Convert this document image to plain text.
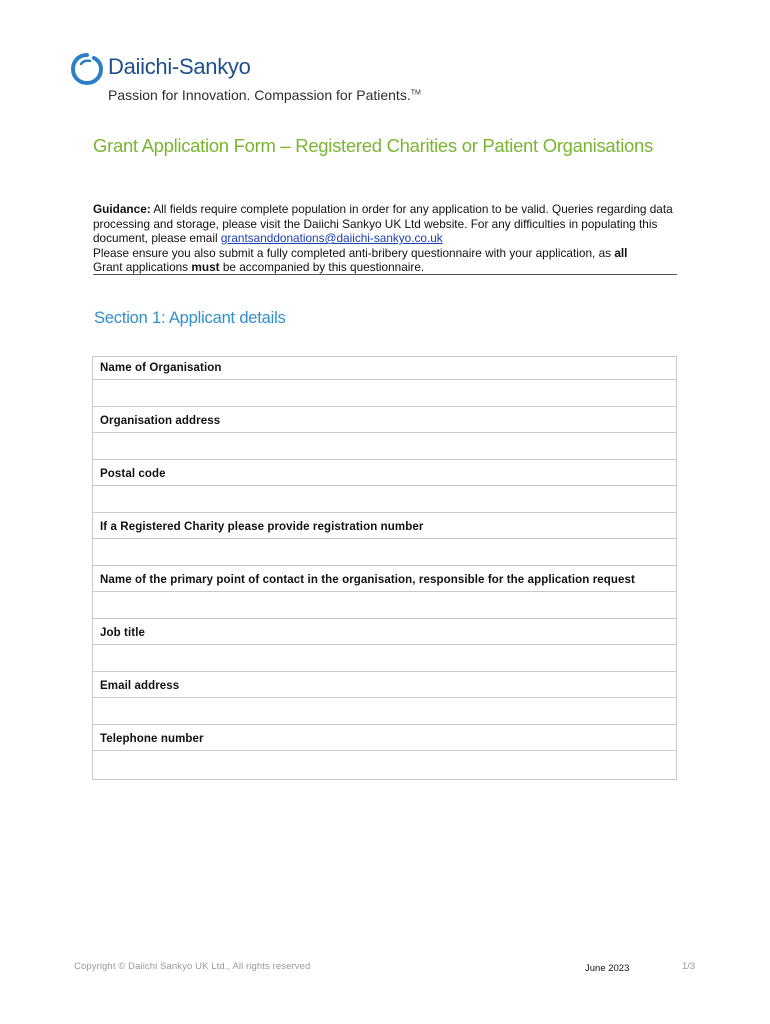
Daiichi-Sankyo
Passion for Innovation. Compassion for Patients.™
Grant Application Form – Registered Charities or Patient Organisations

Guidance: All fields require complete population in order for any application to be valid. Queries regarding data processing and storage, please visit the Daiichi Sankyo UK Ltd website. For any difficulties in populating this document, please email grantsanddonations@daiichi-sankyo.co.uk
Please ensure you also submit a fully completed anti-bribery questionnaire with your application, as all
Grant applications must be accompanied by this questionnaire.

Section 1: Applicant details
Name of Organisation
Organisation address
Postal code
If a Registered Charity please provide registration number
Name of the primary point of contact in the organisation, responsible for the application request
Job title
Email address
Telephone number
Copyright © Daiichi Sankyo UK Ltd., All rights reserved	June 2023	1/3
